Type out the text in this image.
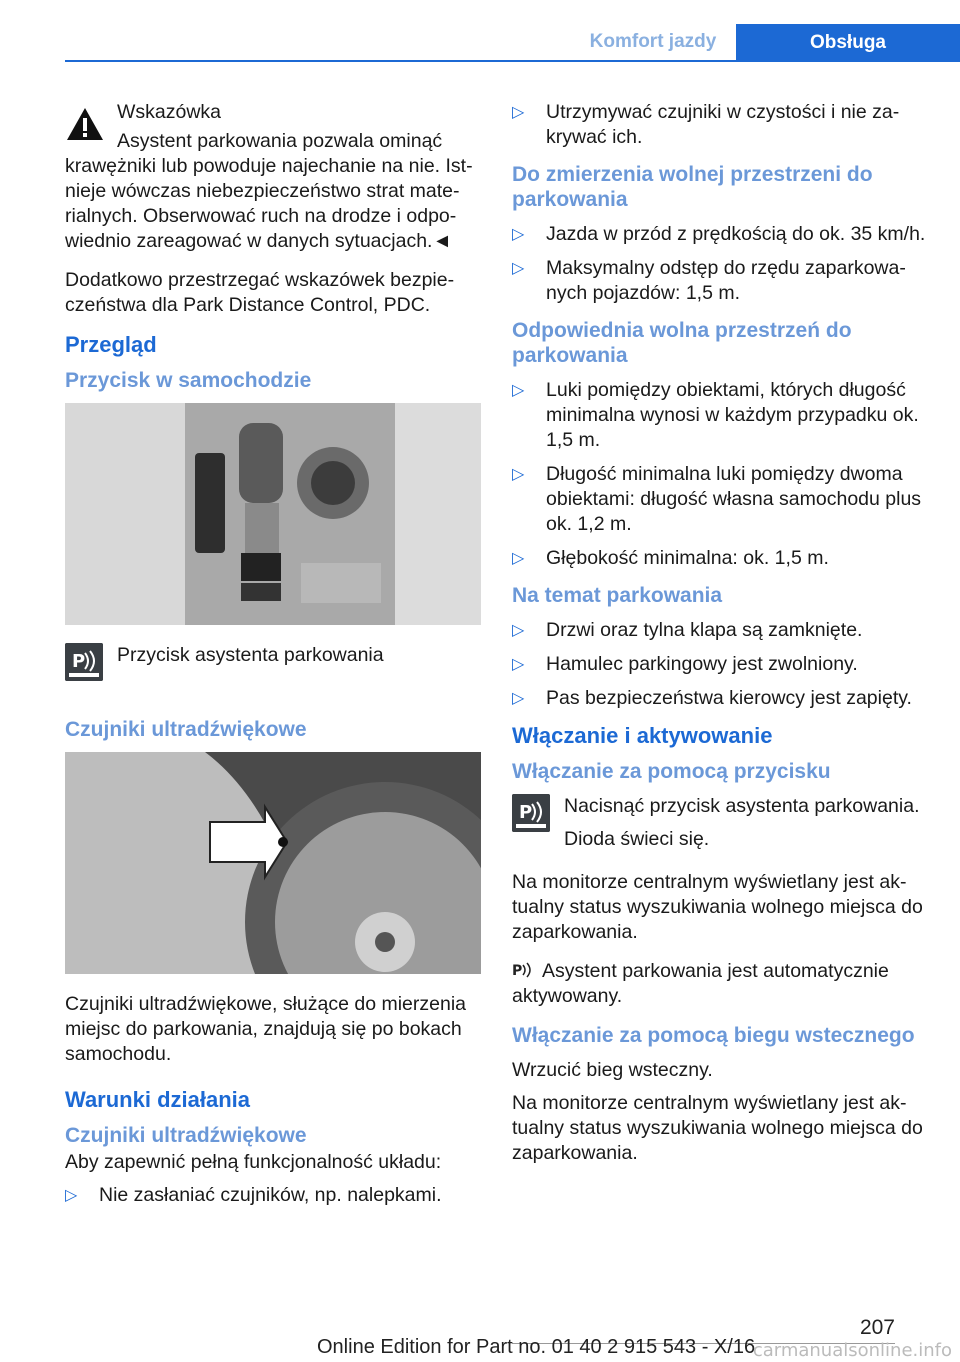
Komfort jazdy	Obsługa

Wskazówka

Asystent parkowania pozwala ominąć

krawężniki lub powoduje najechanie na nie. Ist-nieje wówczas niebezpieczeństwo strat mate-rialnych. Obserwować ruch na drodze i odpo-wiednio zareagować w danych sytuacjach.◄

Dodatkowo przestrzegać wskazówek bezpie-czeństwa dla Park Distance Control, PDC.

Przegląd
Przycisk w samochodzie
P Przycisk asystenta parkowania

Czujniki ultradźwiękowe

Czujniki ultradźwiękowe, służące do mierzenia miejsc do parkowania, znajdują się po bokach samochodu.

Warunki działania
Czujniki ultradźwiękowe

Aby zapewnić pełną funkcjonalność układu:

▷ Nie zasłaniać czujników, np. nalepkami.
▷ Utrzymywać czujniki w czystości i nie za-krywać ich.
Do zmierzenia wolnej przestrzeni do parkowania
▷ Jazda w przód z prędkością do ok. 35 km/h.
▷ Maksymalny odstęp do rzędu zaparkowa-nych pojazdów: 1,5 m.
Odpowiednia wolna przestrzeń do parkowania
▷ Luki pomiędzy obiektami, których długość minimalna wynosi w każdym przypadku ok. 1,5 m.
▷ Długość minimalna luki pomiędzy dwoma obiektami: długość własna samochodu plus ok. 1,2 m.
▷ Głębokość minimalna: ok. 1,5 m.
Na temat parkowania
▷ Drzwi oraz tylna klapa są zamknięte.
▷ Hamulec parkingowy jest zwolniony.
▷ Pas bezpieczeństwa kierowcy jest zapięty.
Włączanie i aktywowanie
Włączanie za pomocą przycisku
P Nacisnąć przycisk asystenta parkowania.

Dioda świeci się.

Na monitorze centralnym wyświetlany jest ak-tualny status wyszukiwania wolnego miejsca do zaparkowania.

P Asystent parkowania jest automatycznie aktywowany.

Włączanie za pomocą biegu wstecznego

Wrzucić bieg wsteczny.

Na monitorze centralnym wyświetlany jest ak-tualny status wyszukiwania wolnego miejsca do zaparkowania.

207
Online Edition for Part no. 01 40 2 915 543 - X/16
carmanualsonline.info
